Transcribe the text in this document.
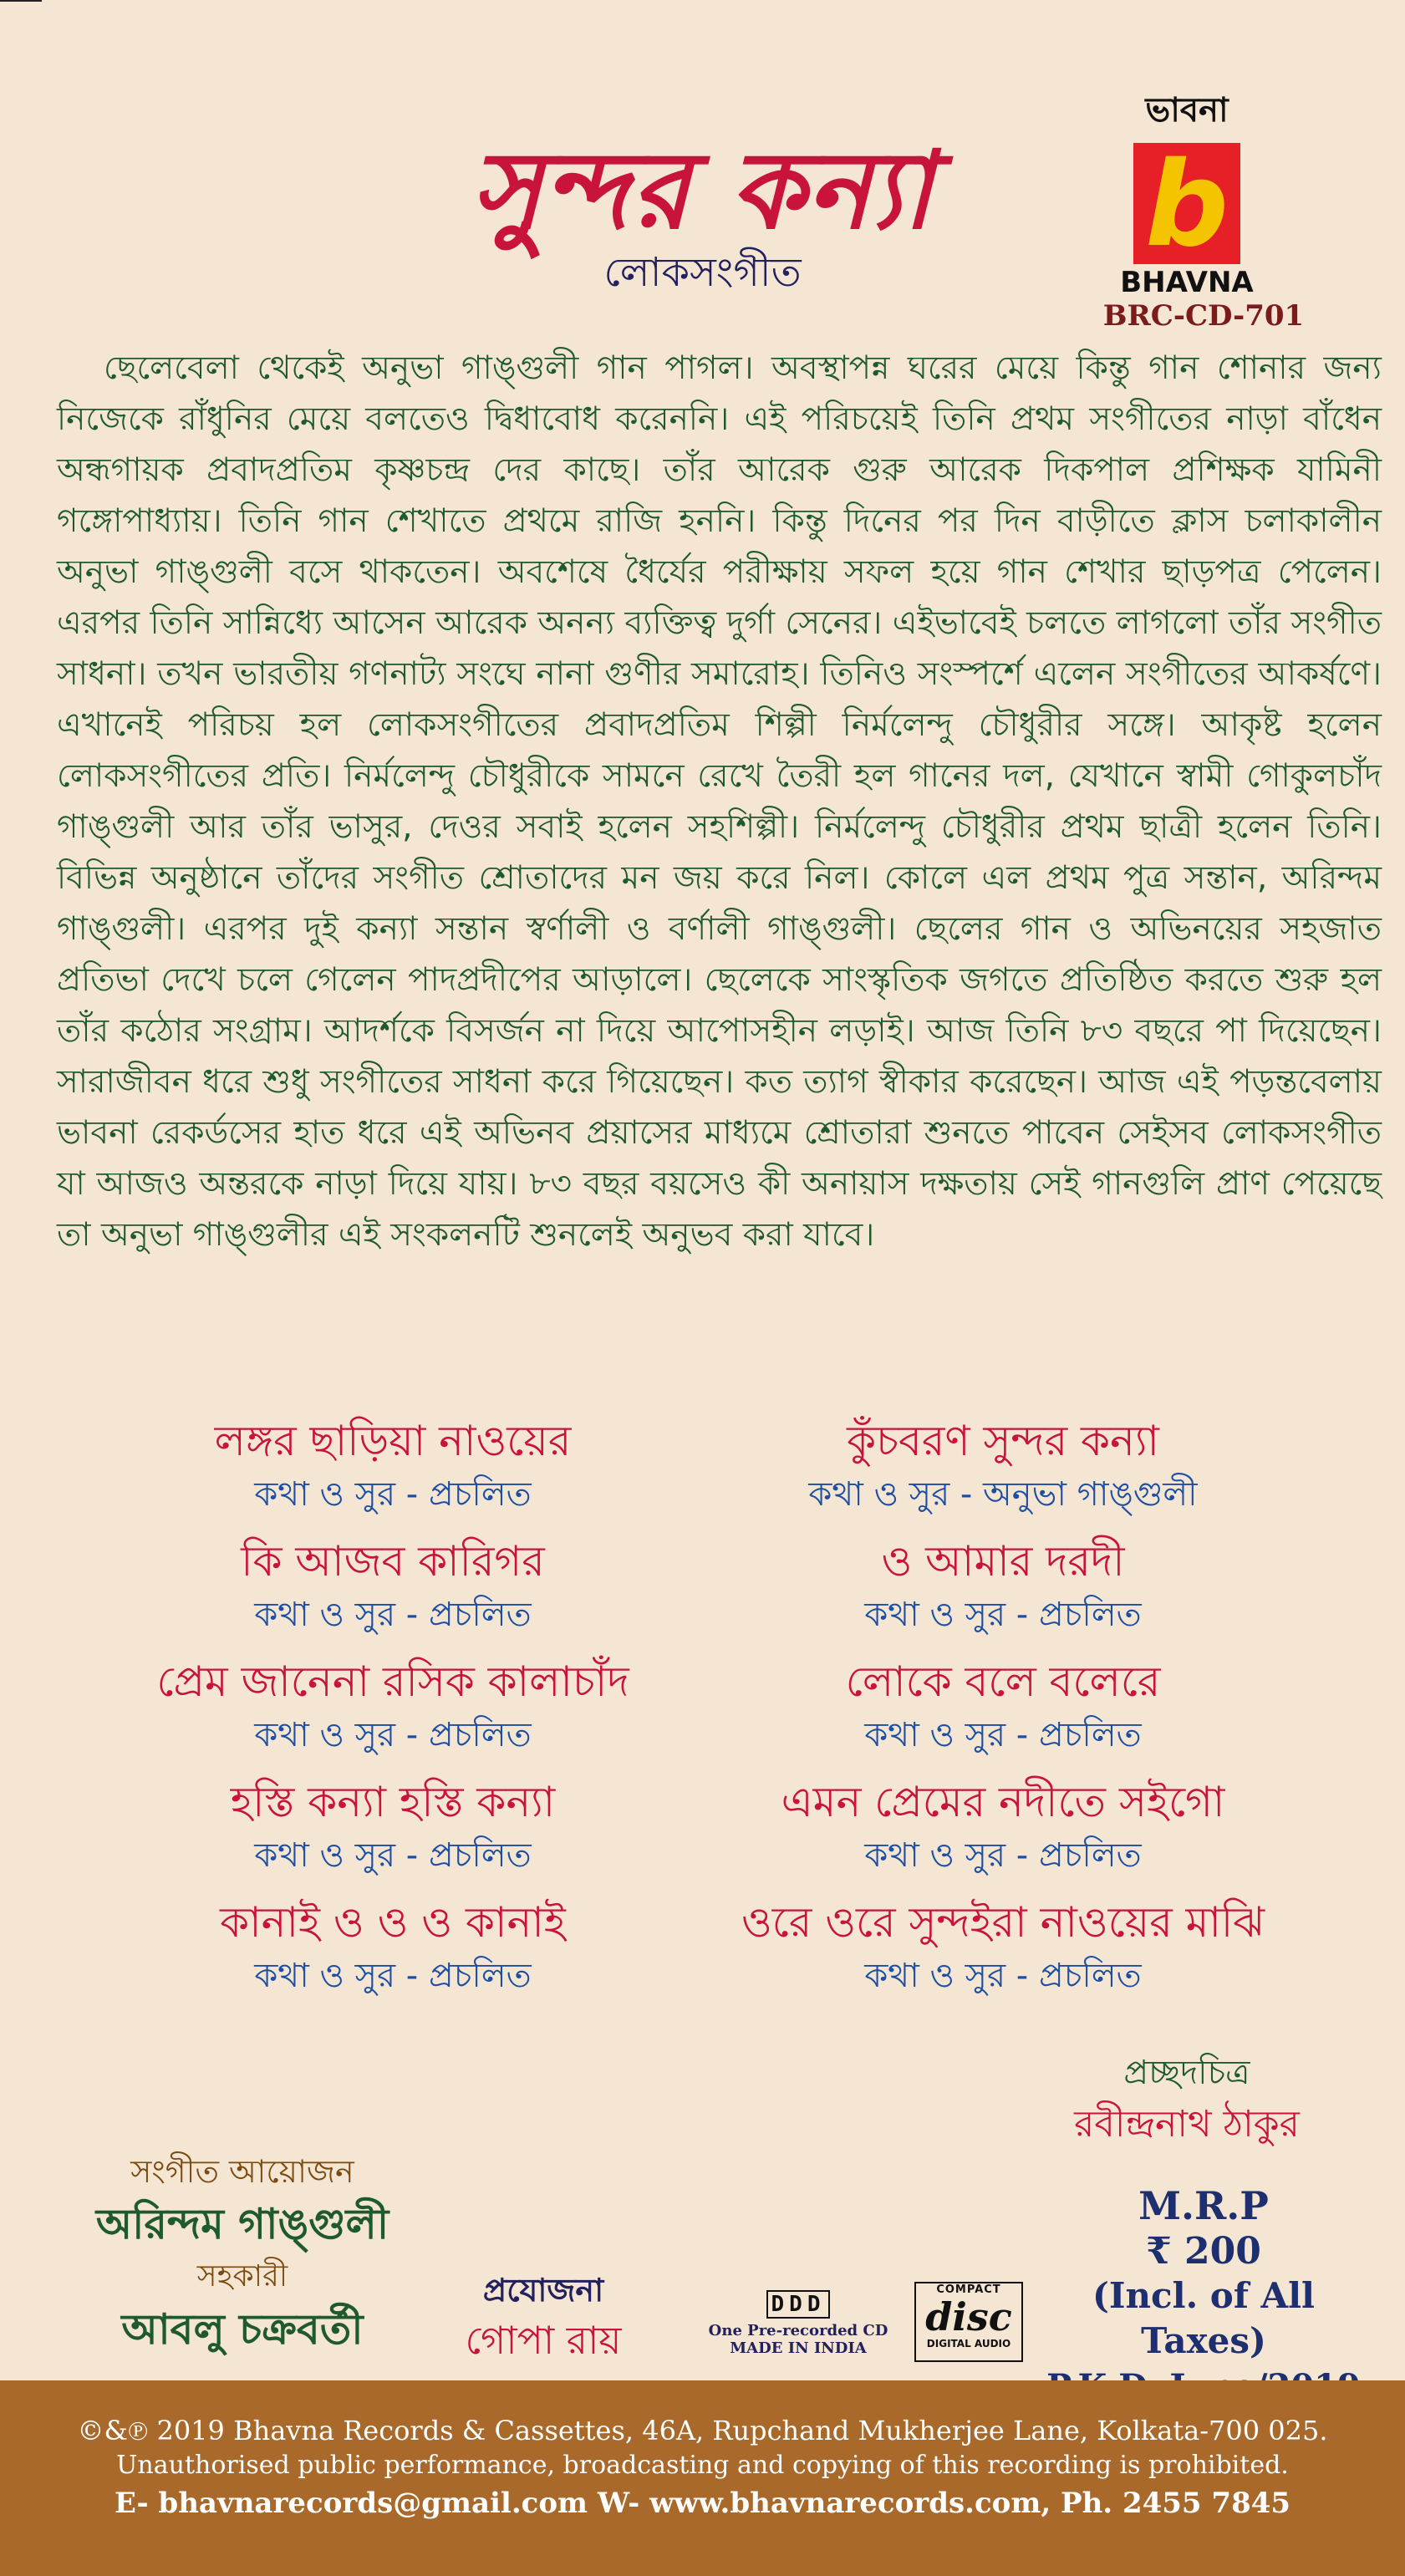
সুন্দর কন্যা
লোকসংগীত
ভাবনা
b
BHAVNA
BRC-CD-701
ছেলেবেলা থেকেই অনুভা গাঙ্গুলী গান পাগল। অবস্থাপন্ন ঘরের মেয়ে কিন্তু গান শোনার জন্য নিজেকে রাঁধুনির মেয়ে বলতেও দ্বিধাবোধ করেননি। এই পরিচয়েই তিনি প্রথম সংগীতের নাড়া বাঁধেন অন্ধগায়ক প্রবাদপ্রতিম কৃষ্ণচন্দ্র দের কাছে। তাঁর আরেক গুরু আরেক দিকপাল প্রশিক্ষক যামিনী গঙ্গোপাধ্যায়। তিনি গান শেখাতে প্রথমে রাজি হননি। কিন্তু দিনের পর দিন বাড়ীতে ক্লাস চলাকালীন অনুভা গাঙ্গুলী বসে থাকতেন। অবশেষে ধৈর্যের পরীক্ষায় সফল হয়ে গান শেখার ছাড়পত্র পেলেন। এরপর তিনি সান্নিধ্যে আসেন আরেক অনন্য ব্যক্তিত্ব দুর্গা সেনের। এইভাবেই চলতে লাগলো তাঁর সংগীত সাধনা। তখন ভারতীয় গণনাট্য সংঘে নানা গুণীর সমারোহ। তিনিও সংস্পর্শে এলেন সংগীতের আকর্ষণে। এখানেই পরিচয় হল লোকসংগীতের প্রবাদপ্রতিম শিল্পী নির্মলেন্দু চৌধুরীর সঙ্গে। আকৃষ্ট হলেন লোকসংগীতের প্রতি। নির্মলেন্দু চৌধুরীকে সামনে রেখে তৈরী হল গানের দল, যেখানে স্বামী গোকুলচাঁদ গাঙ্গুলী আর তাঁর ভাসুর, দেওর সবাই হলেন সহশিল্পী। নির্মলেন্দু চৌধুরীর প্রথম ছাত্রী হলেন তিনি। বিভিন্ন অনুষ্ঠানে তাঁদের সংগীত শ্রোতাদের মন জয় করে নিল। কোলে এল প্রথম পুত্র সন্তান, অরিন্দম গাঙ্গুলী। এরপর দুই কন্যা সন্তান স্বর্ণালী ও বর্ণালী গাঙ্গুলী। ছেলের গান ও অভিনয়ের সহজাত প্রতিভা দেখে চলে গেলেন পাদপ্রদীপের আড়ালে। ছেলেকে সাংস্কৃতিক জগতে প্রতিষ্ঠিত করতে শুরু হল তাঁর কঠোর সংগ্রাম। আদর্শকে বিসর্জন না দিয়ে আপোসহীন লড়াই। আজ তিনি ৮৩ বছরে পা দিয়েছেন। সারাজীবন ধরে শুধু সংগীতের সাধনা করে গিয়েছেন। কত ত্যাগ স্বীকার করেছেন। আজ এই পড়ন্তবেলায় ভাবনা রেকর্ডসের হাত ধরে এই অভিনব প্রয়াসের মাধ্যমে শ্রোতারা শুনতে পাবেন সেইসব লোকসংগীত যা আজও অন্তরকে নাড়া দিয়ে যায়। ৮৩ বছর বয়সেও কী অনায়াস দক্ষতায় সেই গানগুলি প্রাণ পেয়েছে তা অনুভা গাঙ্গুলীর এই সংকলনটি শুনলেই অনুভব করা যাবে।
লঙ্গর ছাড়িয়া নাওয়ের
কথা ও সুর - প্রচলিত
কুঁচবরণ সুন্দর কন্যা
কথা ও সুর - অনুভা গাঙ্গুলী
কি আজব কারিগর
কথা ও সুর - প্রচলিত
ও আমার দরদী
কথা ও সুর - প্রচলিত
প্রেম জানেনা রসিক কালাচাঁদ
কথা ও সুর - প্রচলিত
লোকে বলে বলেরে
কথা ও সুর - প্রচলিত
হস্তি কন্যা হস্তি কন্যা
কথা ও সুর - প্রচলিত
এমন প্রেমের নদীতে সইগো
কথা ও সুর - প্রচলিত
কানাই ও ও ও কানাই
কথা ও সুর - প্রচলিত
ওরে ওরে সুন্দইরা নাওয়ের মাঝি
কথা ও সুর - প্রচলিত
প্রচ্ছদচিত্র
রবীন্দ্রনাথ ঠাকুর
সংগীত আয়োজন
অরিন্দম গাঙ্গুলী
সহকারী
আবলু চক্রবর্তী
প্রযোজনা
গোপা রায়
DDD
One Pre-recorded CD
MADE IN INDIA
COMPACT
disc
DIGITAL AUDIO
M.R.P
₹ 200
(Incl. of All Taxes)
©&℗ 2019 Bhavna Records & Cassettes, 46A, Rupchand Mukherjee Lane, Kolkata-700 025.
Unauthorised public performance, broadcasting and copying of this recording is prohibited.
E- bhavnarecords@gmail.com W- www.bhavnarecords.com, Ph. 2455 7845
